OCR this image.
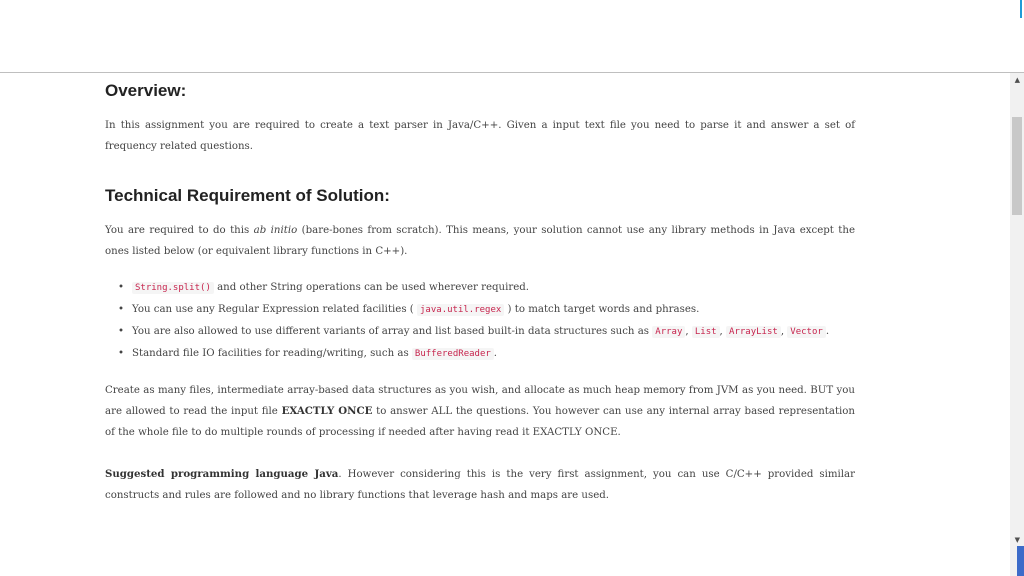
Overview:

In this assignment you are required to create a text parser in Java/C++. Given a input text file you need to parse it and answer a set of frequency related questions.

Technical Requirement of Solution:

You are required to do this ab initio (bare-bones from scratch). This means, your solution cannot use any library methods in Java except the ones listed below (or equivalent library functions in C++).

• String.split() and other String operations can be used wherever required.
• You can use any Regular Expression related facilities ( java.util.regex ) to match target words and phrases.
• You are also allowed to use different variants of array and list based built-in data structures such as Array , List , ArrayList , Vector .
• Standard file IO facilities for reading/writing, such as BufferedReader .

Create as many files, intermediate array-based data structures as you wish, and allocate as much heap memory from JVM as you need. BUT you are allowed to read the input file EXACTLY ONCE to answer ALL the questions. You however can use any internal array based representation of the whole file to do multiple rounds of processing if needed after having read it EXACTLY ONCE.

Suggested programming language Java. However considering this is the very first assignment, you can use C/C++ provided similar constructs and rules are followed and no library functions that leverage hash and maps are used.

▲
▼
